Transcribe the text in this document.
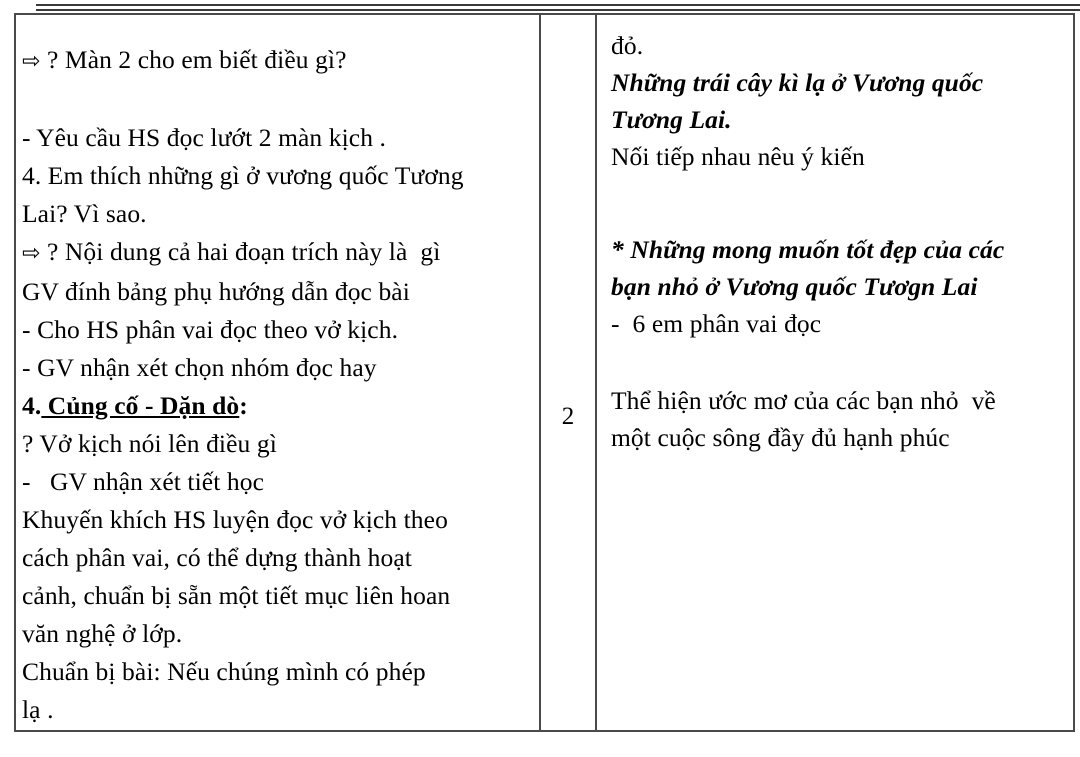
⇨ ? Màn 2 cho em biết điều gì?
- Yêu cầu HS đọc lướt 2 màn kịch .
4. Em thích những gì ở vương quốc Tương
Lai? Vì sao.
⇨ ? Nội dung cả hai đoạn trích này là  gì
GV đính bảng phụ hướng dẫn đọc bài
- Cho HS phân vai đọc theo vở kịch.
- GV nhận xét chọn nhóm đọc hay
4. Củng cố - Dặn dò:
? Vở kịch nói lên điều gì
-   GV nhận xét tiết học
Khuyến khích HS luyện đọc vở kịch theo
cách phân vai, có thể dựng thành hoạt
cảnh, chuẩn bị sẵn một tiết mục liên hoan
văn nghệ ở lớp.
Chuẩn bị bài: Nếu chúng mình có phép
lạ .
2
đỏ.
Những trái cây kì lạ ở Vương quốc
Tương Lai.
Nối tiếp nhau nêu ý kiến
* Những mong muốn tốt đẹp của các
bạn nhỏ ở Vương quốc Tươgn Lai
-  6 em phân vai đọc
Thể hiện ước mơ của các bạn nhỏ  về
một cuộc sông đầy đủ hạnh phúc
